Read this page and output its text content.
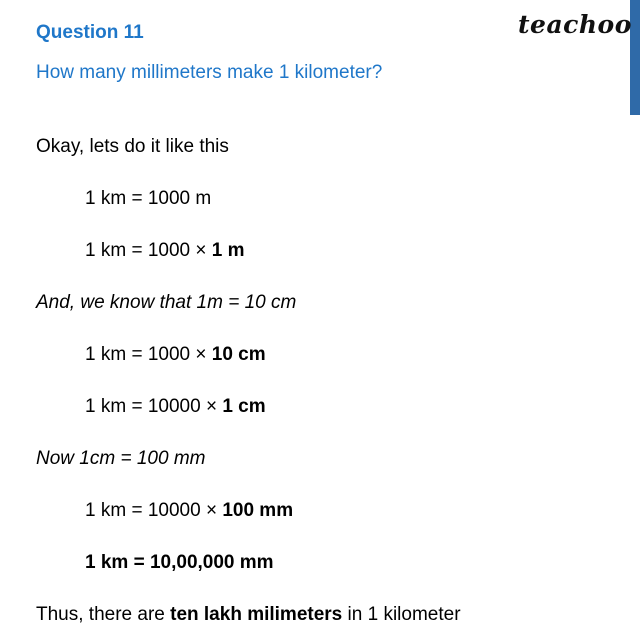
Question 11
How many millimeters make 1 kilometer?
teachoo
Okay, lets do it like this
1 km = 1000 m
1 km = 1000 × 1 m
And, we know that 1m = 10 cm
1 km = 1000 × 10 cm
1 km = 10000 × 1 cm
Now 1cm = 100 mm
1 km = 10000 × 100 mm
1 km = 10,00,000 mm
Thus, there are ten lakh milimeters in 1 kilometer
